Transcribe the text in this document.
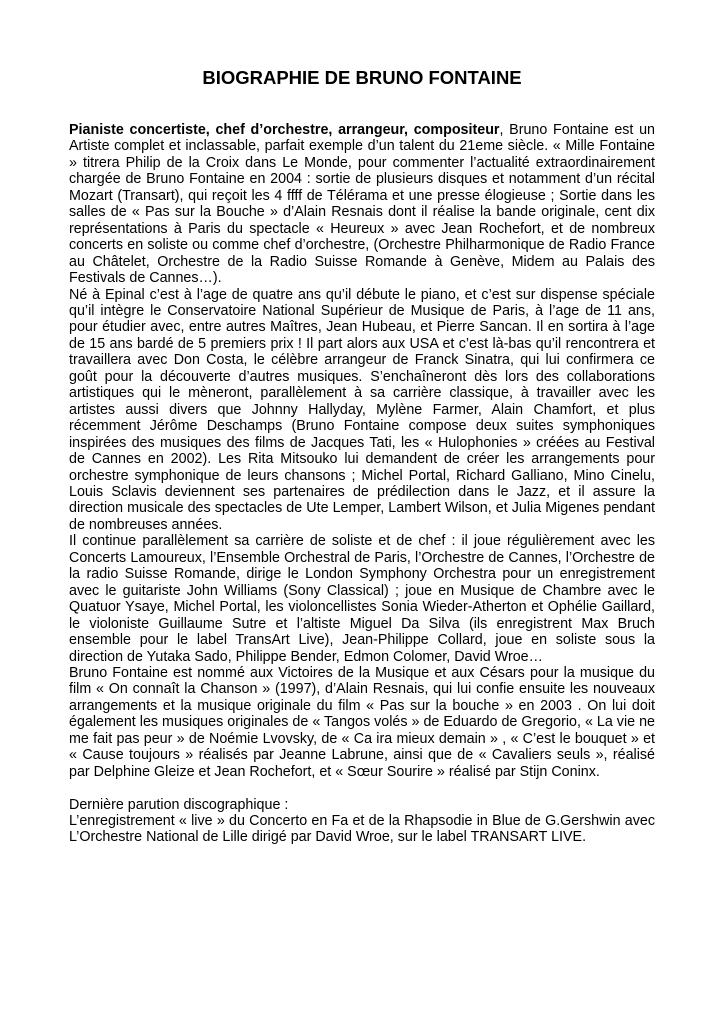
BIOGRAPHIE DE BRUNO FONTAINE

Pianiste concertiste, chef d’orchestre, arrangeur, compositeur, Bruno Fontaine est un Artiste complet et inclassable, parfait exemple d’un talent du 21eme siècle. « Mille Fontaine » titrera Philip de la Croix dans Le Monde, pour commenter l’actualité extraordinairement chargée de Bruno Fontaine en 2004 : sortie de plusieurs disques et notamment d’un récital Mozart (Transart), qui reçoit les 4 ffff de Télérama et une presse élogieuse ; Sortie dans les salles de « Pas sur la Bouche » d’Alain Resnais dont il réalise la bande originale, cent dix représentations à Paris du spectacle « Heureux » avec Jean Rochefort, et de nombreux concerts en soliste ou comme chef d’orchestre, (Orchestre Philharmonique de Radio France au Châtelet, Orchestre de la Radio Suisse Romande à Genève, Midem au Palais des Festivals de Cannes…).

Né à Epinal c’est à l’age de quatre ans qu’il débute le piano, et c’est sur dispense spéciale qu’il intègre le Conservatoire National Supérieur de Musique de Paris, à l’age de 11 ans, pour étudier avec, entre autres Maîtres, Jean Hubeau, et Pierre Sancan. Il en sortira à l’age de 15 ans bardé de 5 premiers prix ! Il part alors aux USA et c’est là-bas qu’il rencontrera et travaillera avec Don Costa, le célèbre arrangeur de Franck Sinatra, qui lui confirmera ce goût pour la découverte d’autres musiques. S’enchaîneront dès lors des collaborations artistiques qui le mèneront, parallèlement à sa carrière classique, à travailler avec les artistes aussi divers que Johnny Hallyday, Mylène Farmer, Alain Chamfort, et plus récemment Jérôme Deschamps (Bruno Fontaine compose deux suites symphoniques inspirées des musiques des films de Jacques Tati, les « Hulophonies » créées au Festival de Cannes en 2002). Les Rita Mitsouko lui demandent de créer les arrangements pour orchestre symphonique de leurs chansons ; Michel Portal, Richard Galliano, Mino Cinelu, Louis Sclavis deviennent ses partenaires de prédilection dans le Jazz, et il assure la direction musicale des spectacles de Ute Lemper, Lambert Wilson, et Julia Migenes pendant de nombreuses années.

Il continue parallèlement sa carrière de soliste et de chef : il joue régulièrement avec les Concerts Lamoureux, l’Ensemble Orchestral de Paris, l’Orchestre de Cannes, l’Orchestre de la radio Suisse Romande, dirige le London Symphony Orchestra pour un enregistrement avec le guitariste John Williams (Sony Classical) ; joue en Musique de Chambre avec le Quatuor Ysaye, Michel Portal, les violoncellistes Sonia Wieder-Atherton et Ophélie Gaillard, le violoniste Guillaume Sutre et l’altiste Miguel Da Silva (ils enregistrent Max Bruch ensemble pour le label TransArt Live), Jean-Philippe Collard, joue en soliste sous la direction de Yutaka Sado, Philippe Bender, Edmon Colomer, David Wroe…

Bruno Fontaine est nommé aux Victoires de la Musique et aux Césars pour la musique du film « On connaît la Chanson » (1997), d’Alain Resnais, qui lui confie ensuite les nouveaux arrangements et la musique originale du film « Pas sur la bouche » en 2003 . On lui doit également les musiques originales de « Tangos volés » de Eduardo de Gregorio, « La vie ne me fait pas peur » de Noémie Lvovsky, de « Ca ira mieux demain » , « C’est le bouquet » et « Cause toujours » réalisés par Jeanne Labrune, ainsi que de « Cavaliers seuls », réalisé par Delphine Gleize et Jean Rochefort, et « Sœur Sourire » réalisé par Stijn Coninx.

Dernière parution discographique :

L’enregistrement « live » du Concerto en Fa et de la Rhapsodie in Blue de G.Gershwin avec L’Orchestre National de Lille dirigé par David Wroe, sur le label TRANSART LIVE.
